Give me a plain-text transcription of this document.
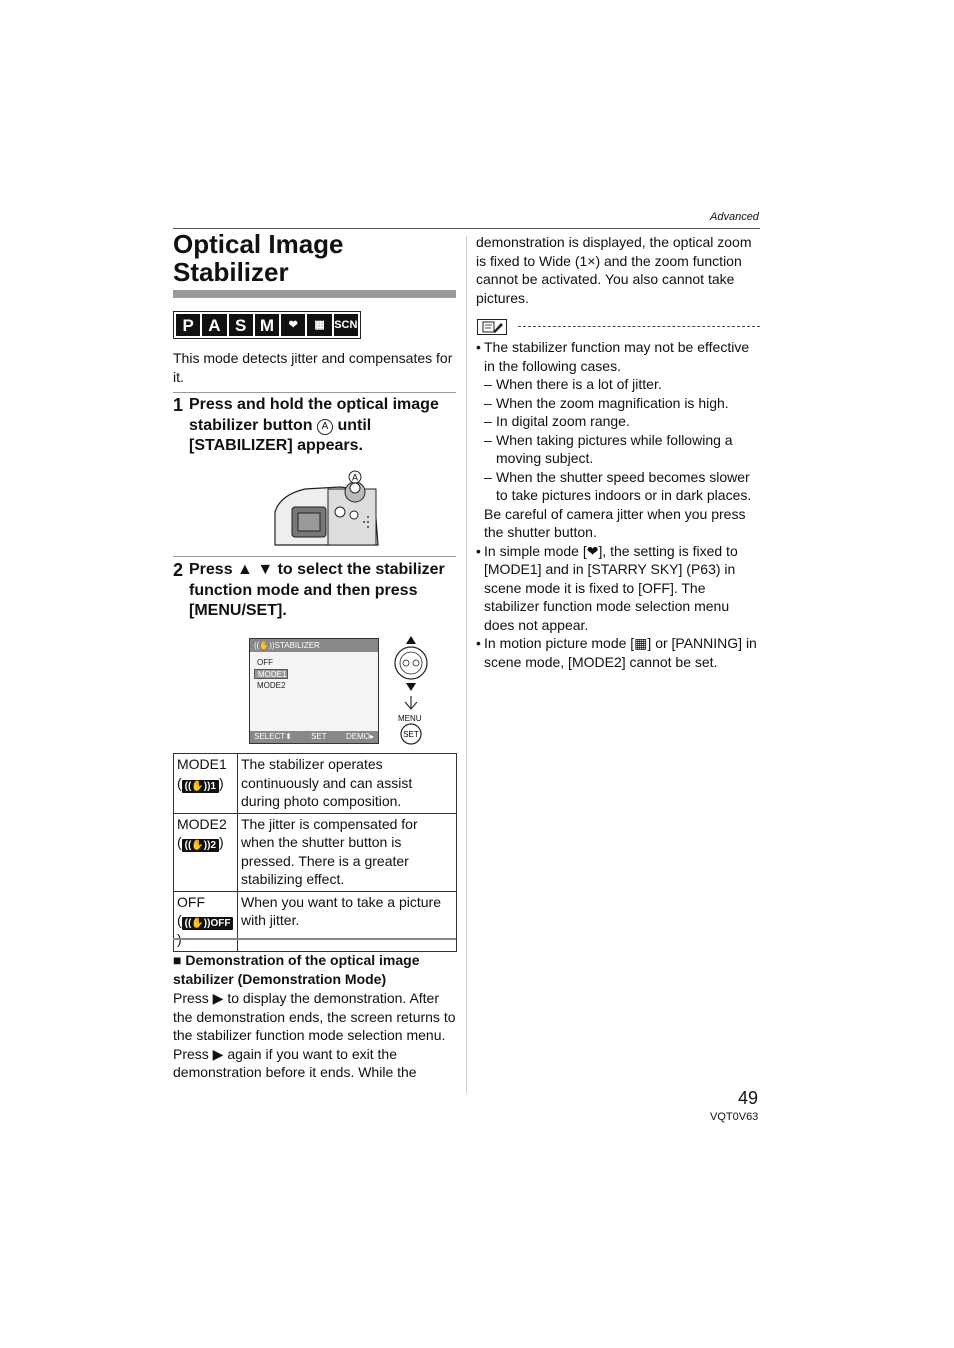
Advanced
Optical Image Stabilizer
P A S M	❤	▦ SCN
This mode detects jitter and compensates for it.
1 Press and hold the optical image stabilizer button A until [STABILIZER] appears.
A
2 Press ▲ ▼ to select the stabilizer function mode and then press [MENU/SET].
((✋))STABILIZER
OFF
MODE1
MODE2
SELECT⬍ SET DEMO▸	SET
MENU
MODE1
( ((✋))1 )	The stabilizer operates continuously and can assist during photo composition.
MODE2
( ((✋))2 )	The jitter is compensated for when the shutter button is pressed. There is a greater stabilizing effect.
OFF
( ((✋))OFF	When you want to take a picture with jitter.
■ Demonstration of the optical image stabilizer (Demonstration Mode)
Press ▶ to display the demonstration. After the demonstration ends, the screen returns to the stabilizer function mode selection menu. Press ▶ again if you want to exit the demonstration before it ends. While the
demonstration is displayed, the optical zoom is fixed to Wide (1×) and the zoom function cannot be activated. You also cannot take pictures.
• The stabilizer function may not be effective in the following cases.
– When there is a lot of jitter.
– When the zoom magnification is high.
– In digital zoom range.
– When taking pictures while following a moving subject.
– When the shutter speed becomes slower to take pictures indoors or in dark places.
Be careful of camera jitter when you press the shutter button.
• In simple mode [❤], the setting is fixed to [MODE1] and in [STARRY SKY] (P63) in scene mode it is fixed to [OFF]. The stabilizer function mode selection menu does not appear.
• In motion picture mode [▦] or [PANNING] in scene mode, [MODE2] cannot be set.
49
VQT0V63
